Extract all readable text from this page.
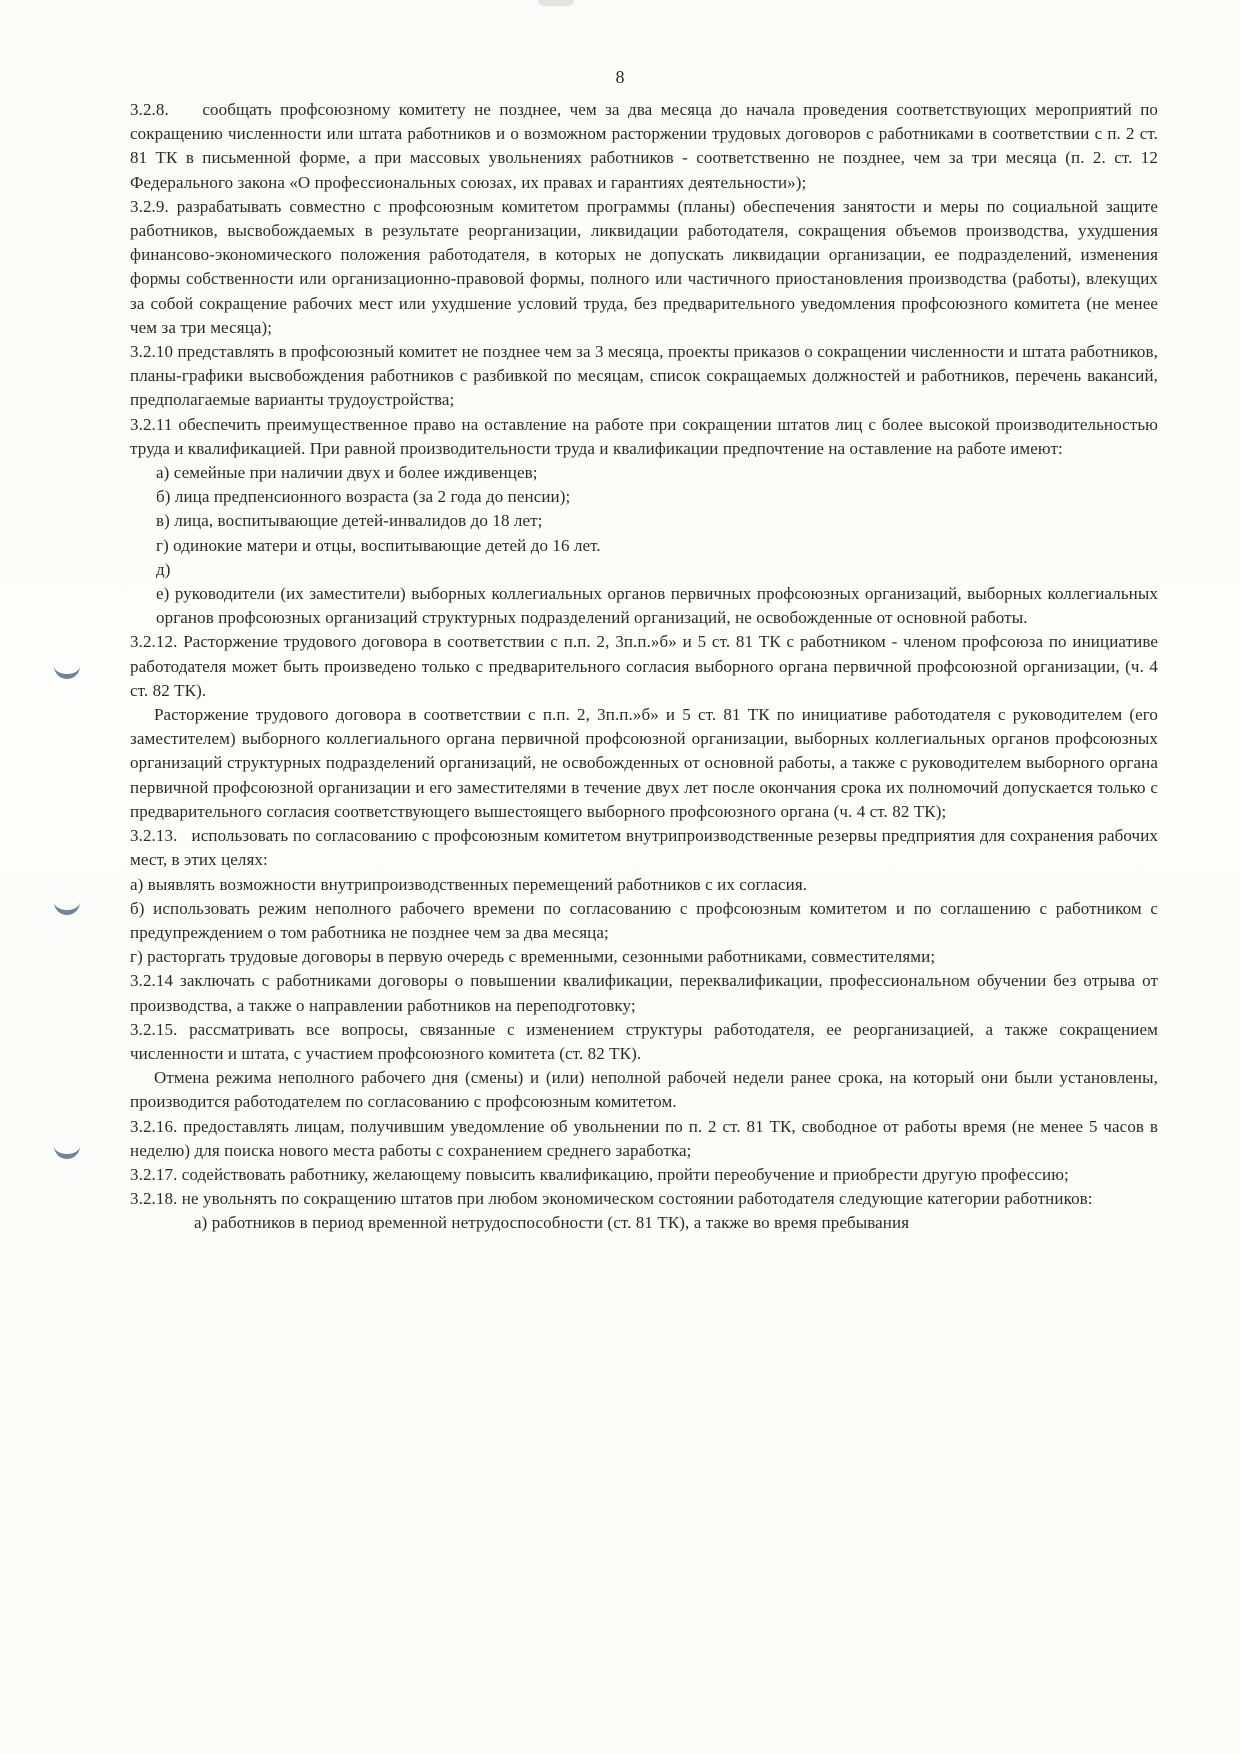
8

3.2.8.    сообщать профсоюзному комитету не позднее, чем за два месяца до начала проведения соответствующих мероприятий по сокращению численности или штата работников и о возможном расторжении трудовых договоров с работниками в соответствии с п. 2 ст. 81 ТК в письменной форме, а при массовых увольнениях работников - соответственно не позднее, чем за три месяца (п. 2. ст. 12 Федерального закона «О профессиональных союзах, их правах и гарантиях деятельности»);

3.2.9. разрабатывать совместно с профсоюзным комитетом программы (планы) обеспечения занятости и меры по социальной защите работников, высвобождаемых в результате реорганизации, ликвидации работодателя, сокращения объемов производства, ухудшения финансово-экономического положения работодателя, в которых не допускать ликвидации организации, ее подразделений, изменения формы собственности или организационно-правовой формы, полного или частичного приостановления производства (работы), влекущих за собой сокращение рабочих мест или ухудшение условий труда, без предварительного уведомления профсоюзного комитета (не менее чем за три месяца);

3.2.10 представлять в профсоюзный комитет не позднее чем за 3 месяца, проекты приказов о сокращении численности и штата работников, планы-графики высвобождения работников с разбивкой по месяцам, список сокращаемых должностей и работников, перечень вакансий, предполагаемые варианты трудоустройства;

3.2.11 обеспечить преимущественное право на оставление на работе при сокращении штатов лиц с более высокой производительностью труда и квалификацией. При равной производительности труда и квалификации предпочтение на оставление на работе имеют:

а) семейные при наличии двух и более иждивенцев;

б) лица предпенсионного возраста (за 2 года до пенсии);

в) лица, воспитывающие детей-инвалидов до 18 лет;

г) одинокие матери и отцы, воспитывающие детей до 16 лет.

д)

е) руководители (их заместители) выборных коллегиальных органов первичных профсоюзных организаций, выборных коллегиальных органов профсоюзных организаций структурных подразделений организаций, не освобожденные от основной работы.

3.2.12. Расторжение трудового договора в соответствии с п.п. 2, 3п.п.»б» и 5 ст. 81 ТК с работником - членом профсоюза по инициативе работодателя может быть произведено только с предварительного согласия выборного органа первичной профсоюзной организации, (ч. 4 ст. 82 ТК).

Расторжение трудового договора в соответствии с п.п. 2, 3п.п.»б» и 5 ст. 81 ТК по инициативе работодателя с руководителем (его заместителем) выборного коллегиального органа первичной профсоюзной организации, выборных коллегиальных органов профсоюзных организаций структурных подразделений организаций, не освобожденных от основной работы, а также с руководителем выборного органа первичной профсоюзной организации и его заместителями в течение двух лет после окончания срока их полномочий допускается только с предварительного согласия соответствующего вышестоящего выборного профсоюзного органа (ч. 4 ст. 82 ТК);

3.2.13.   использовать по согласованию с профсоюзным комитетом внутрипроизводственные резервы предприятия для сохранения рабочих мест, в этих целях:

а) выявлять возможности внутрипроизводственных перемещений работников с их согласия.

б) использовать режим неполного рабочего времени по согласованию с профсоюзным комитетом и по соглашению с работником с предупреждением о том работника не позднее чем за два месяца;

г) расторгать трудовые договоры в первую очередь с временными, сезонными работниками, совместителями;

3.2.14 заключать с работниками договоры о повышении квалификации, переквалификации, профессиональном обучении без отрыва от производства, а также о направлении работников на переподготовку;

3.2.15. рассматривать все вопросы, связанные с изменением структуры работодателя, ее реорганизацией, а также сокращением численности и штата, с участием профсоюзного комитета (ст. 82 ТК).

Отмена режима неполного рабочего дня (смены) и (или) неполной рабочей недели ранее срока, на который они были установлены, производится работодателем по согласованию с профсоюзным комитетом.

3.2.16. предоставлять лицам, получившим уведомление об увольнении по п. 2 ст. 81 ТК, свободное от работы время (не менее 5 часов в неделю) для поиска нового места работы с сохранением среднего заработка;

3.2.17. содействовать работнику, желающему повысить квалификацию, пройти переобучение и приобрести другую профессию;

3.2.18. не увольнять по сокращению штатов при любом экономическом состоянии работодателя следующие категории работников:

а) работников в период временной нетрудоспособности (ст. 81 ТК), а также во время пребывания
